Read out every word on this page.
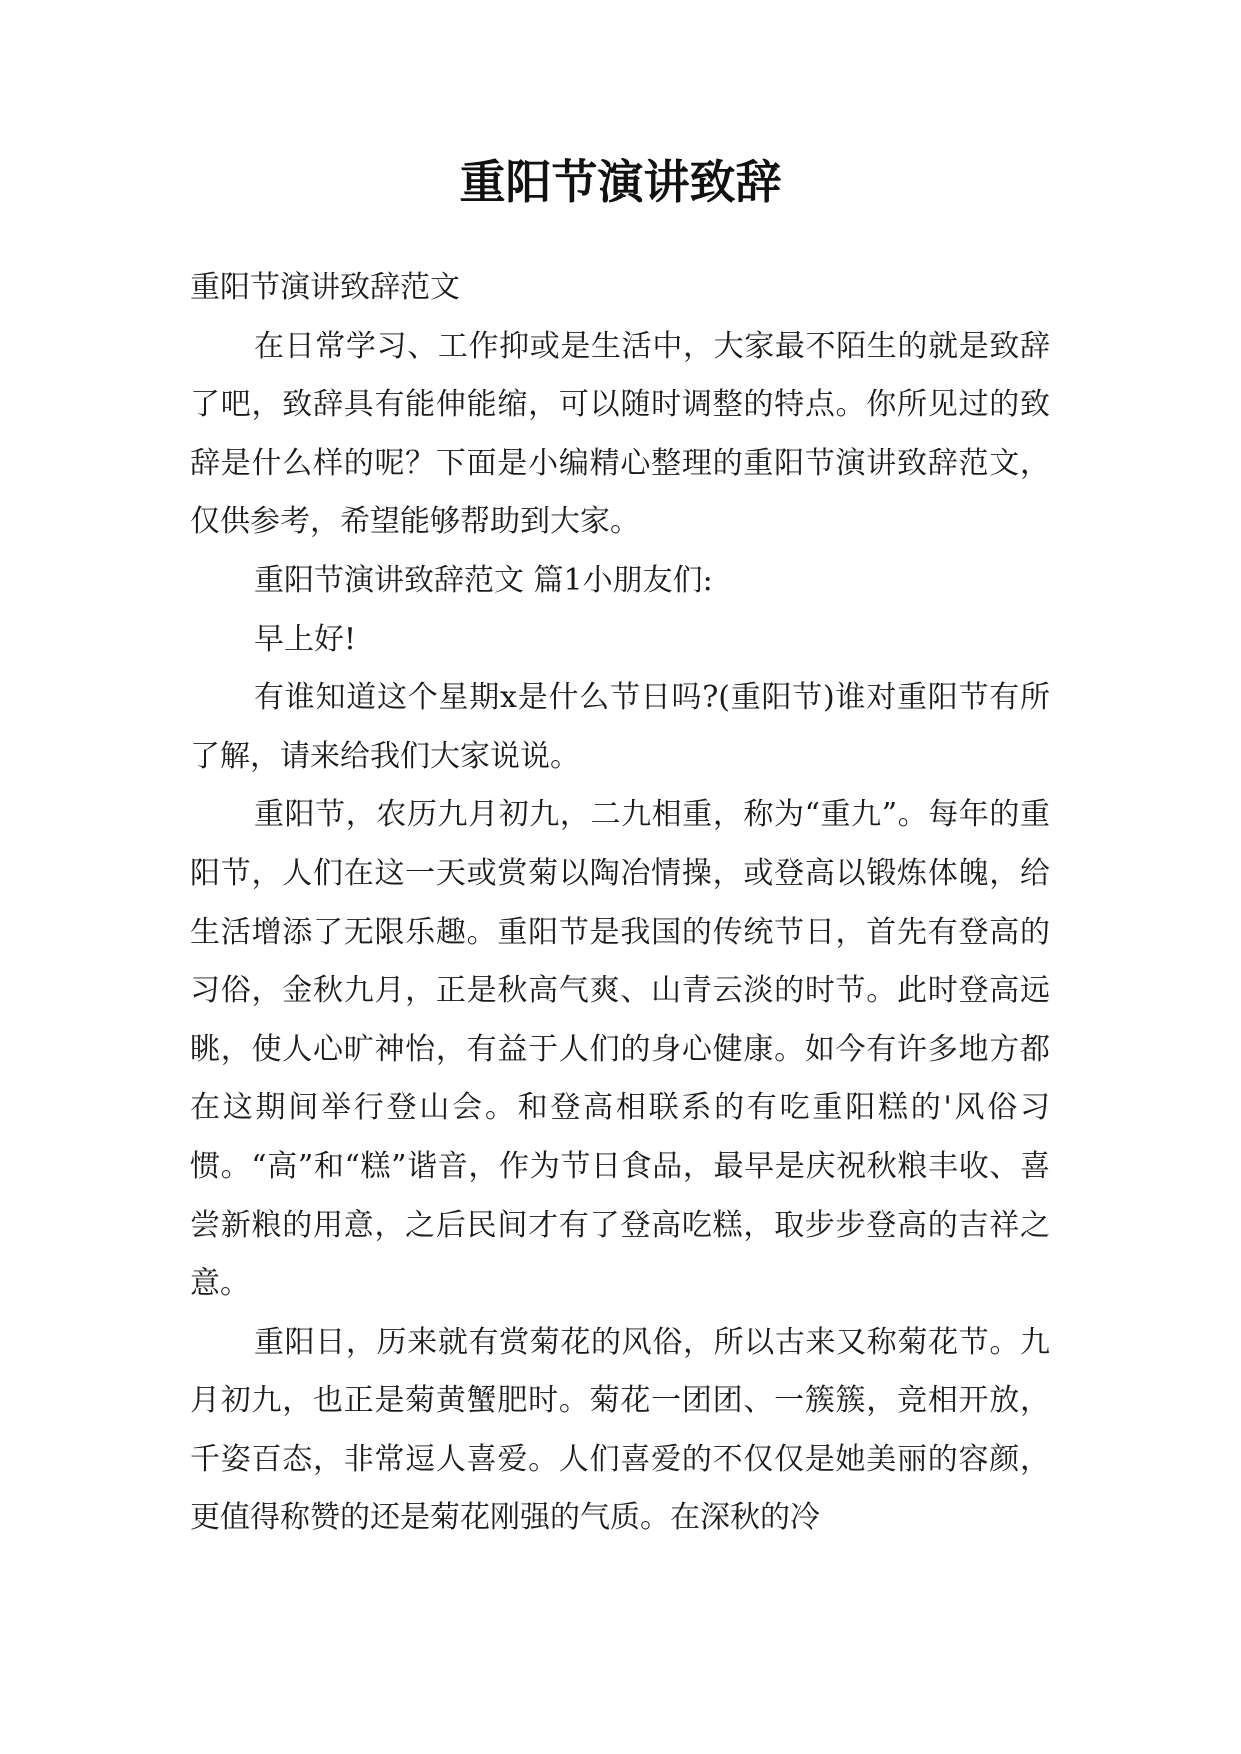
重阳节演讲致辞

重阳节演讲致辞范文

在日常学习、工作抑或是生活中，大家最不陌生的就是致辞了吧，致辞具有能伸能缩，可以随时调整的特点。你所见过的致辞是什么样的呢？下面是小编精心整理的重阳节演讲致辞范文，仅供参考，希望能够帮助到大家。

重阳节演讲致辞范文 篇1小朋友们:

早上好!

有谁知道这个星期x是什么节日吗?(重阳节)谁对重阳节有所了解，请来给我们大家说说。

重阳节，农历九月初九，二九相重，称为“重九”。每年的重阳节，人们在这一天或赏菊以陶冶情操，或登高以锻炼体魄，给生活增添了无限乐趣。重阳节是我国的传统节日，首先有登高的习俗，金秋九月，正是秋高气爽、山青云淡的时节。此时登高远眺，使人心旷神怡，有益于人们的身心健康。如今有许多地方都在这期间举行登山会。和登高相联系的有吃重阳糕的'风俗习惯。“高”和“糕”谐音，作为节日食品，最早是庆祝秋粮丰收、喜尝新粮的用意，之后民间才有了登高吃糕，取步步登高的吉祥之意。

重阳日，历来就有赏菊花的风俗，所以古来又称菊花节。九月初九，也正是菊黄蟹肥时。菊花一团团、一簇簇，竞相开放，千姿百态，非常逗人喜爱。人们喜爱的不仅仅是她美丽的容颜，更值得称赞的还是菊花刚强的气质。在深秋的冷
